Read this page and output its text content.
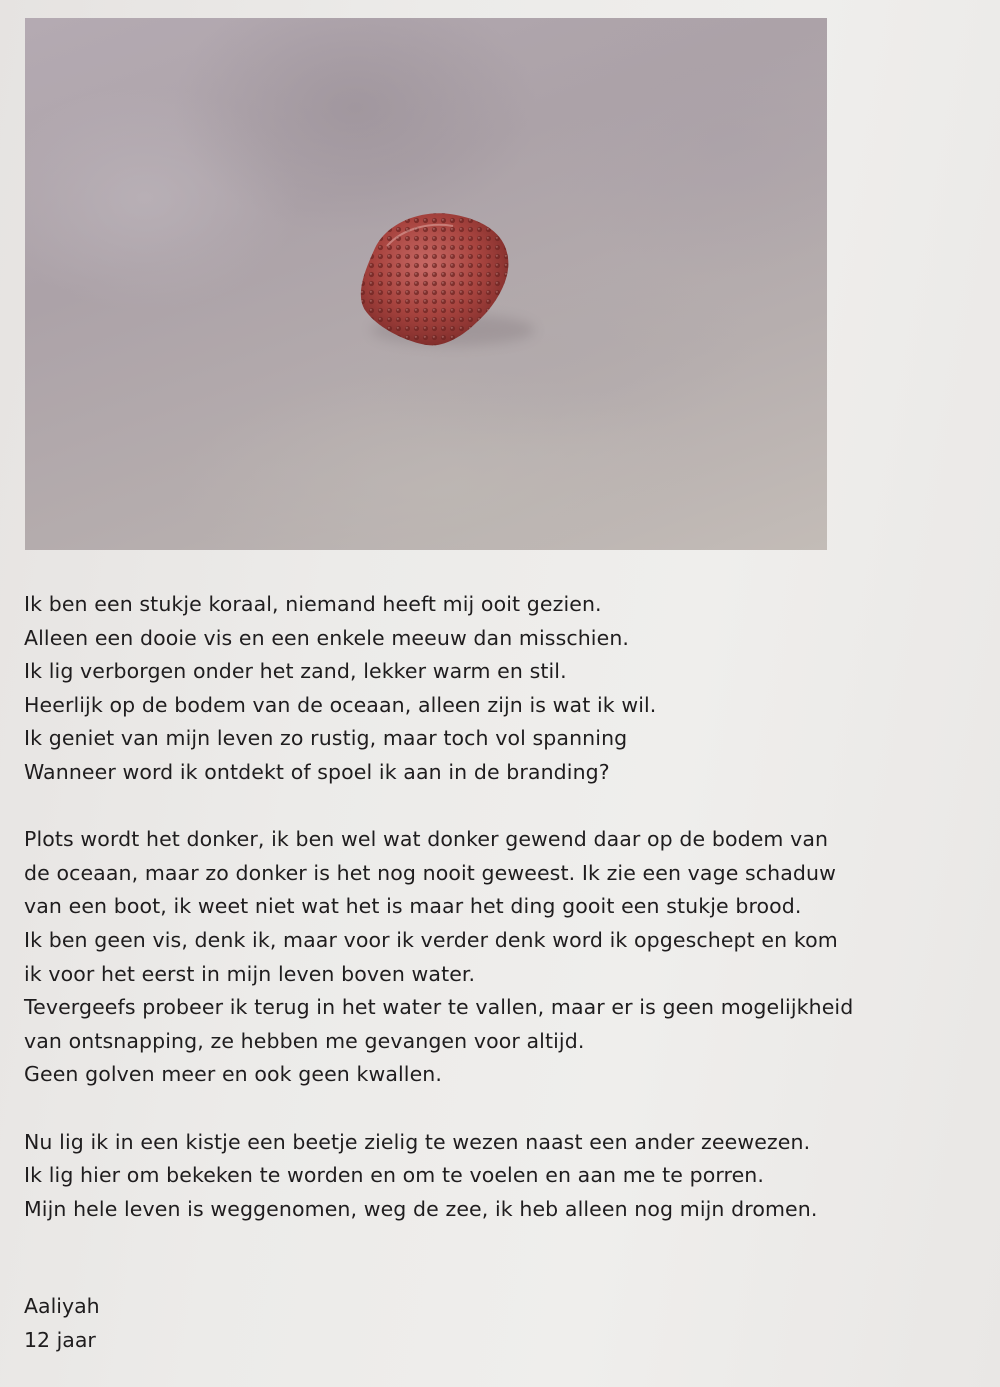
Ik ben een stukje koraal, niemand heeft mij ooit gezien.
Alleen een dooie vis en een enkele meeuw dan misschien.
Ik lig verborgen onder het zand, lekker warm en stil.
Heerlijk op de bodem van de oceaan, alleen zijn is wat ik wil.
Ik geniet van mijn leven zo rustig, maar toch vol spanning
Wanneer word ik ontdekt of spoel ik aan in de branding?
Plots wordt het donker, ik ben wel wat donker gewend daar op de bodem van
de oceaan, maar zo donker is het nog nooit geweest. Ik zie een vage schaduw
van een boot, ik weet niet wat het is maar het ding gooit een stukje brood.
Ik ben geen vis, denk ik, maar voor ik verder denk word ik opgeschept en kom
ik voor het eerst in mijn leven boven water.
Tevergeefs probeer ik terug in het water te vallen, maar er is geen mogelijkheid
van ontsnapping, ze hebben me gevangen voor altijd.
Geen golven meer en ook geen kwallen.
Nu lig ik in een kistje een beetje zielig te wezen naast een ander zeewezen.
Ik lig hier om bekeken te worden en om te voelen en aan me te porren.
Mijn hele leven is weggenomen, weg de zee, ik heb alleen nog mijn dromen.
Aaliyah
12 jaar
